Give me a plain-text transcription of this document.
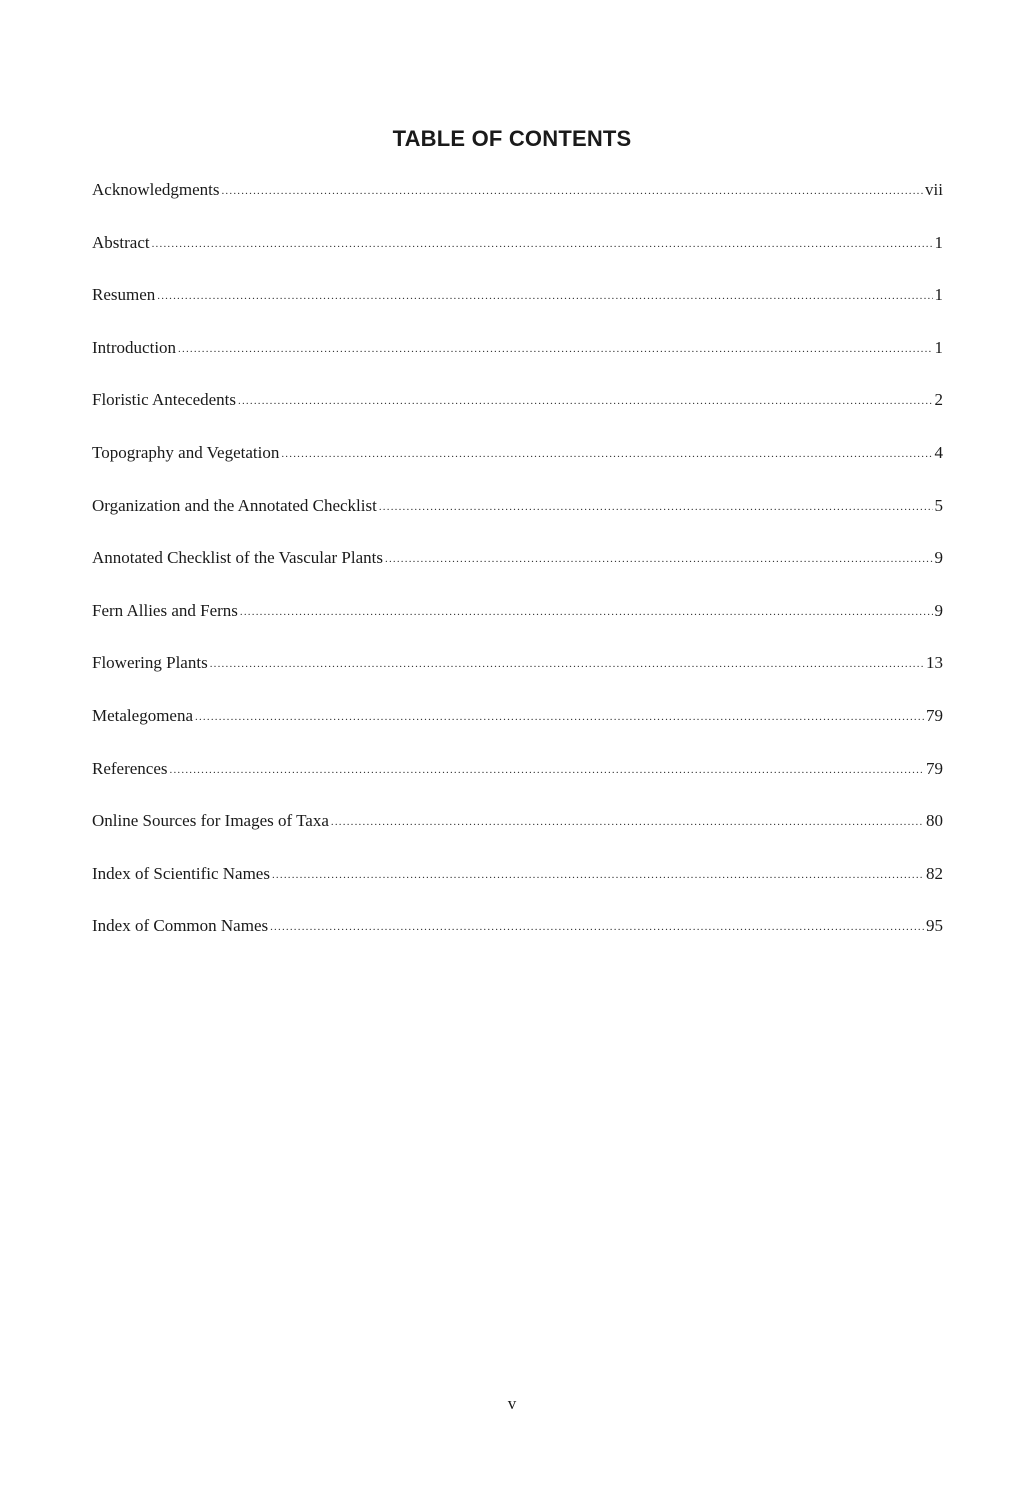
TABLE OF CONTENTS
Acknowledgments .....	vii
Abstract .....	1
Resumen .....	1
Introduction .....	1
Floristic Antecedents .....	2
Topography and Vegetation .....	4
Organization and the Annotated Checklist .....	5
Annotated Checklist of the Vascular Plants .....	9
Fern Allies and Ferns .....	9
Flowering Plants .....	13
Metalegomena .....	79
References .....	79
Online Sources for Images of Taxa .....	80
Index of Scientific Names .....	82
Index of Common Names .....	95
v
